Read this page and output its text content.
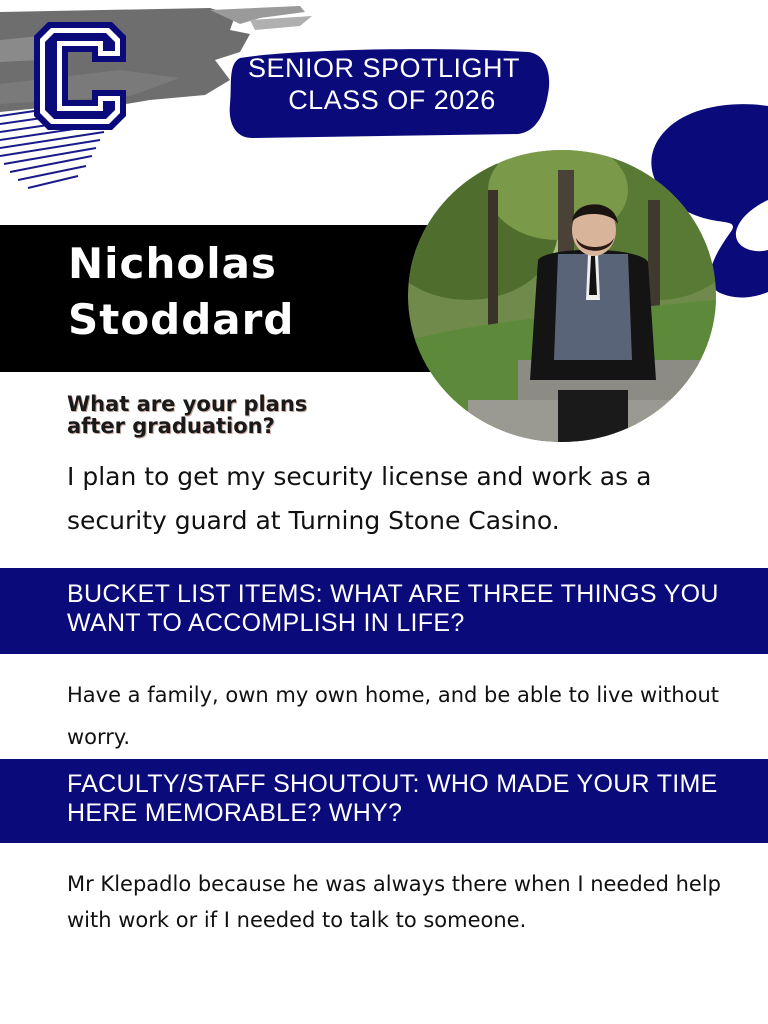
C
SENIOR SPOTLIGHT
CLASS OF 2026
Nicholas
Stoddard
What are your plans
after graduation?
I plan to get my security license and work as a security guard at Turning Stone Casino.
BUCKET LIST ITEMS: WHAT ARE THREE THINGS YOU WANT TO ACCOMPLISH IN LIFE?
Have a family, own my own home, and be able to live without worry.
FACULTY/STAFF SHOUTOUT: WHO MADE YOUR TIME HERE MEMORABLE? WHY?
Mr Klepadlo because he was always there when I needed help with work or if I needed to talk to someone.
